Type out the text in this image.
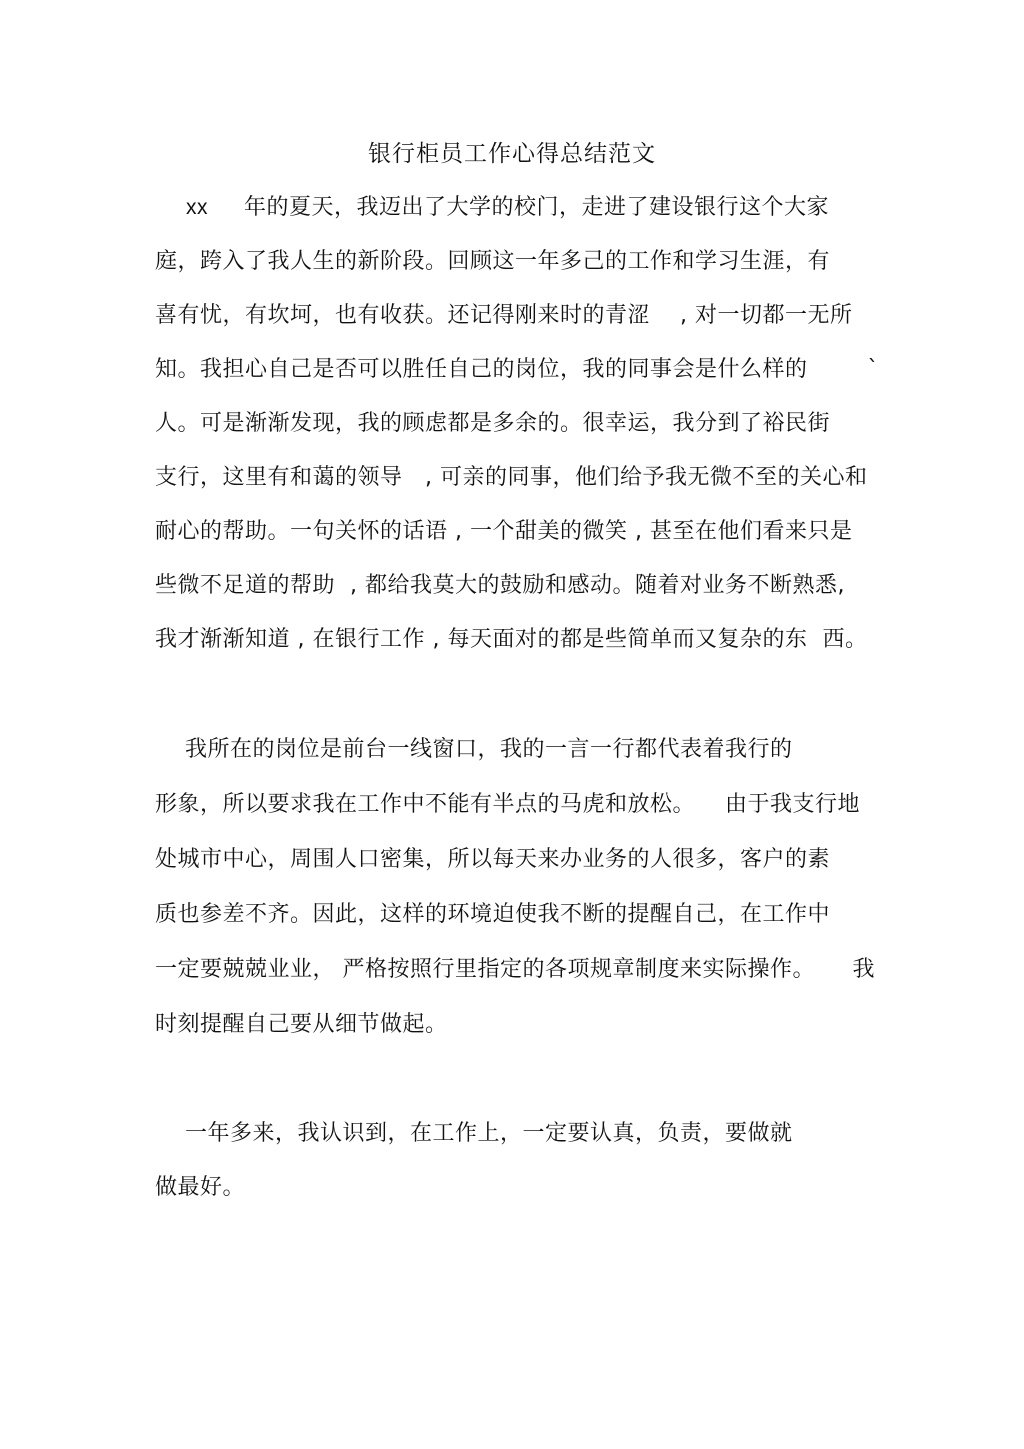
银行柜员工作心得总结范文
xx 年的夏天，我迈出了大学的校门，走进了建设银行这个大家
庭，跨入了我人生的新阶段。回顾这一年多己的工作和学习生涯，有
喜有忧，有坎坷，也有收获。还记得刚来时的青涩    , 对一切都一无所
知。我担心自己是否可以胜任自己的岗位，我的同事会是什么样的        `
人。可是渐渐发现，我的顾虑都是多余的。很幸运，我分到了裕民街
支行，这里有和蔼的领导   , 可亲的同事，他们给予我无微不至的关心和
耐心的帮助。一句关怀的话语 , 一个甜美的微笑 , 甚至在他们看来只是
些微不足道的帮助  , 都给我莫大的鼓励和感动。随着对业务不断熟悉,
我才渐渐知道 , 在银行工作 , 每天面对的都是些简单而又复杂的东  西。
我所在的岗位是前台一线窗口，我的一言一行都代表着我行的
形象，所以要求我在工作中不能有半点的马虎和放松。    由于我支行地
处城市中心，周围人口密集，所以每天来办业务的人很多，客户的素
质也参差不齐。因此，这样的环境迫使我不断的提醒自己，在工作中
一定要兢兢业业， 严格按照行里指定的各项规章制度来实际操作。     我
时刻提醒自己要从细节做起。
一年多来，我认识到，在工作上，一定要认真，负责，要做就
做最好。
